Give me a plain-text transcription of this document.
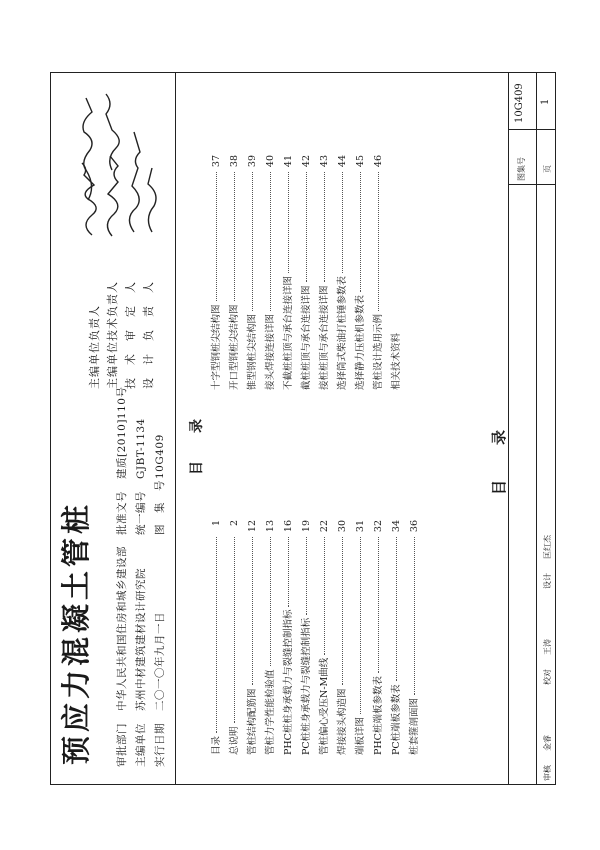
预应力混凝土管桩 审批部门中华人民共和国住房和城乡建设部
主编单位苏州中材建筑建材设计研究院
实行日期二〇一〇年九月一日
批准文号建质[2010]110号
统一编号GJBT-1134
图　集　号10G409
主编单位负责人 主编单位技术负责人 技　术　审　定　人 设　计　负　责　人
目　　录
目录
1
总说明
2
管桩结构配筋图
12
管桩力学性能检验值
13
PHC桩桩身承载力与裂缝控制指标
16
PC桩桩身承载力与裂缝控制指标
19
管桩偏心受压N-M曲线
22
焊接接头构造图
30
端板详图
31
PHC桩端板参数表
32
PC桩端板参数表
34
桩套箍剖面图
36
十字型钢桩尖结构图
37
开口型钢桩尖结构图
38
锥型钢桩尖结构图
39
接头焊接连接详图
40
不截桩桩顶与承台连接详图
41
截桩桩顶与承台连接详图
42
接桩桩顶与承台连接详图
43
选择筒式柴油打桩锤参数表
44
选择静力压桩机参数表
45
管桩设计选用示例
46
相关技术资料
目　录
图集号
10G409
页
1
审核
金睿
校对
王涛
设计
匡红杰
